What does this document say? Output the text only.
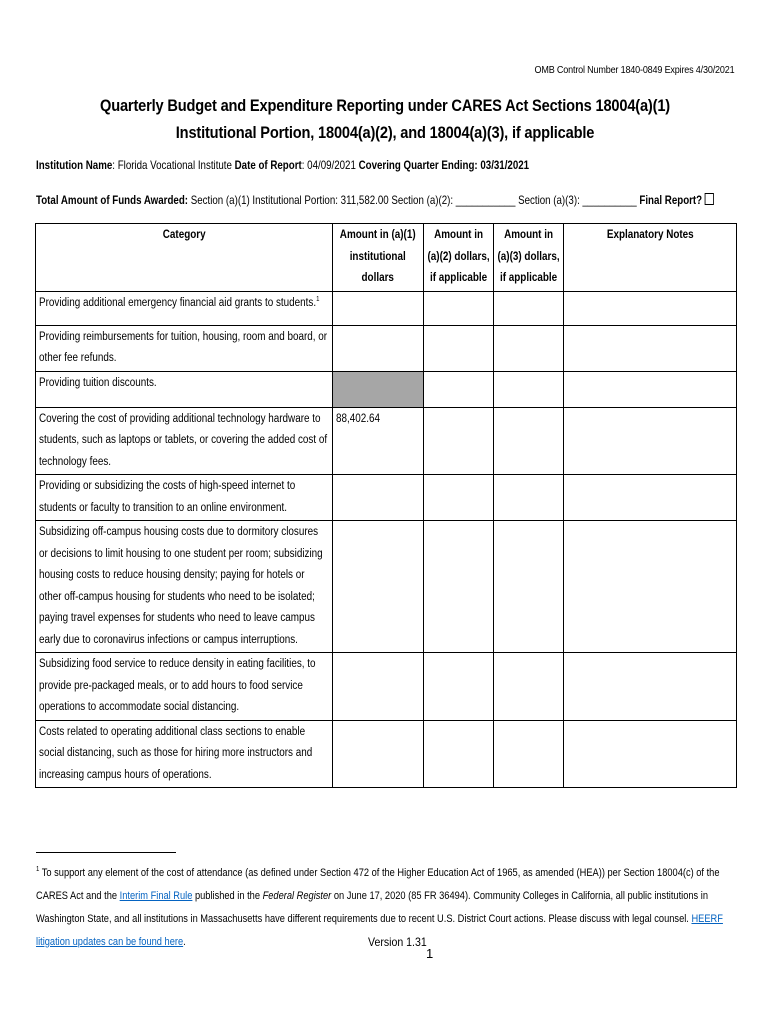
OMB Control Number 1840-0849 Expires 4/30/2021
Quarterly Budget and Expenditure Reporting under CARES Act Sections 18004(a)(1) Institutional Portion, 18004(a)(2), and 18004(a)(3), if applicable
Institution Name: Florida Vocational Institute Date of Report: 04/09/2021 Covering Quarter Ending: 03/31/2021
Total Amount of Funds Awarded: Section (a)(1) Institutional Portion: 311,582.00 Section (a)(2): ___________ Section (a)(3): __________ Final Report?
Category	Amount in (a)(1) institutional dollars	Amount in (a)(2) dollars, if applicable	Amount in (a)(3) dollars, if applicable	Explanatory Notes

Providing additional emergency financial aid grants to students.$^1$

Providing reimbursements for tuition, housing, room and board, or other fee refunds.				

Providing tuition discounts.				

Covering the cost of providing additional technology hardware to students, such as laptops or tablets, or covering the added cost of technology fees.	88,402.64			

Providing or subsidizing the costs of high-speed internet to students or faculty to transition to an online environment.				

Subsidizing off-campus housing costs due to dormitory closures or decisions to limit housing to one student per room; subsidizing housing costs to reduce housing density; paying for hotels or other off-campus housing for students who need to be isolated; paying travel expenses for students who need to leave campus early due to coronavirus infections or campus interruptions.				

Subsidizing food service to reduce density in eating facilities, to provide pre-packaged meals, or to add hours to food service operations to accommodate social distancing.				

Costs related to operating additional class sections to enable social distancing, such as those for hiring more instructors and increasing campus hours of operations.				

$^1$ To support any element of the cost of attendance (as defined under Section 472 of the Higher Education Act of 1965, as amended (HEA)) per Section 18004(c) of the CARES Act and the Interim Final Rule published in the Federal Register on June 17, 2020 (85 FR 36494). Community Colleges in California, all public institutions in Washington State, and all institutions in Massachusetts have different requirements due to recent U.S. District Court actions. Please discuss with legal counsel. HEERF litigation updates can be found here.	Version 1.31
1
